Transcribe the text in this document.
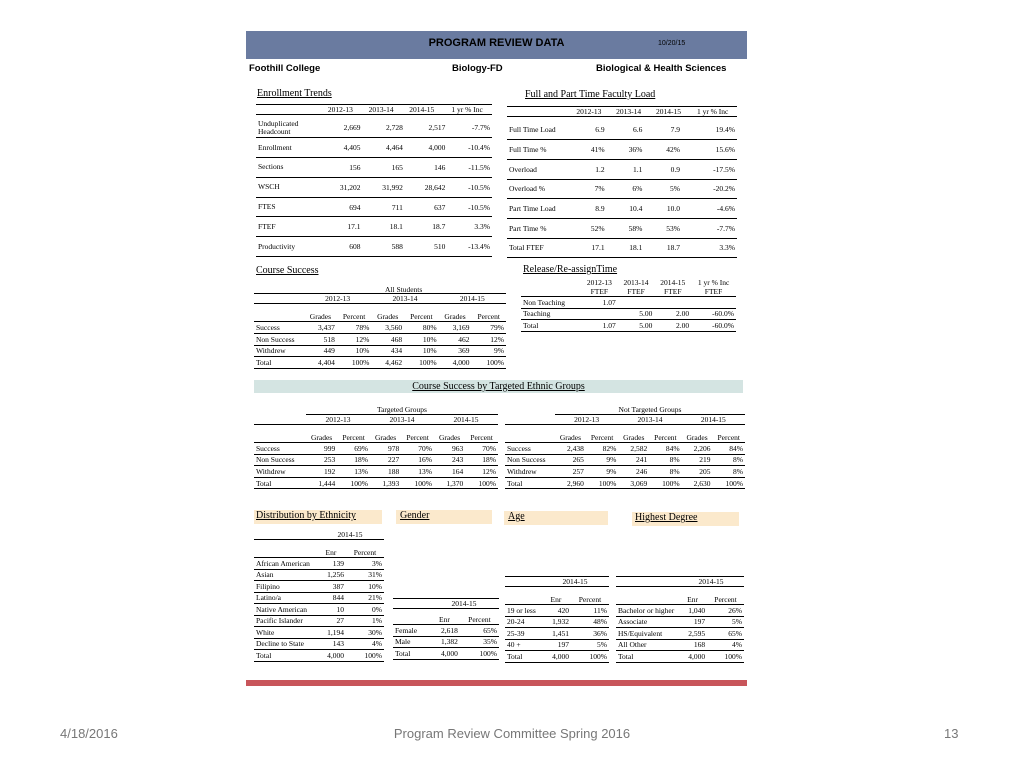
PROGRAM REVIEW DATA	10/20/15
Foothill College	Biology-FD	Biological & Health Sciences
Enrollment Trends
	2012-13	2013-14	2014-15	1 yr % Inc
Unduplicated Headcount	2,669	2,728	2,517	-7.7%
Enrollment	4,405	4,464	4,000	-10.4%
Sections	156	165	146	-11.5%
WSCH	31,202	31,992	28,642	-10.5%
FTES	694	711	637	-10.5%
FTEF	17.1	18.1	18.7	3.3%
Productivity	608	588	510	-13.4%
Full and Part Time Faculty Load
	2012-13	2013-14	2014-15	1 yr % Inc
Full Time Load	6.9	6.6	7.9	19.4%
Full Time %	41%	36%	42%	15.6%
Overload	1.2	1.1	0.9	-17.5%
Overload %	7%	6%	5%	-20.2%
Part Time Load	8.9	10.4	10.0	-4.6%
Part Time %	52%	58%	53%	-7.7%
Total FTEF	17.1	18.1	18.7	3.3%
Course Success
All Students
	2012-13		2013-14		2014-15	

	Grades	Percent	Grades	Percent	Grades	Percent
Success	3,437	78%	3,560	80%	3,169	79%
Non Success	518	12%	468	10%	462	12%
Withdrew	449	10%	434	10%	369	9%
Total	4,404	100%	4,462	100%	4,000	100%
Release/Re-assignTime
	2012-13	2013-14	2014-15	1 yr % Inc
	FTEF	FTEF	FTEF	FTEF
Non Teaching	1.07			
Teaching		5.00	2.00	-60.0%
Total	1.07	5.00	2.00	-60.0%
Course Success by Targeted Ethnic Groups
	Targeted Groups					
	2012-13		2013-14		2014-15	

	Grades	Percent	Grades	Percent	Grades	Percent
Success	999	69%	978	70%	963	70%
Non Success	253	18%	227	16%	243	18%
Withdrew	192	13%	188	13%	164	12%
Total	1,444	100%	1,393	100%	1,370	100%
	Not Targeted Groups					
	2012-13		2013-14		2014-15	

	Grades	Percent	Grades	Percent	Grades	Percent
Success	2,438	82%	2,582	84%	2,206	84%
Non Success	265	9%	241	8%	219	8%
Withdrew	257	9%	246	8%	205	8%
Total	2,960	100%	3,069	100%	2,630	100%
Distribution by Ethnicity	Gender	Age	Highest Degree
	2014-15	

	Enr	Percent
African American	139	3%
Asian	1,256	31%
Filipino	387	10%
Latino/a	844	21%
Native American	10	0%
Pacific Islander	27	1%
White	1,194	30%
Decline to State	143	4%
Total	4,000	100%
	2014-15	

	Enr	Percent
Female	2,618	65%
Male	1,382	35%
Total	4,000	100%
	2014-15	

	Enr	Percent
19 or less	420	11%
20-24	1,932	48%
25-39	1,451	36%
40 +	197	5%
Total	4,000	100%
	2014-15	

	Enr	Percent
Bachelor or higher	1,040	26%
Associate	197	5%
HS/Equivalent	2,595	65%
All Other	168	4%
Total	4,000	100%
4/18/2016	Program Review Committee Spring 2016	13
